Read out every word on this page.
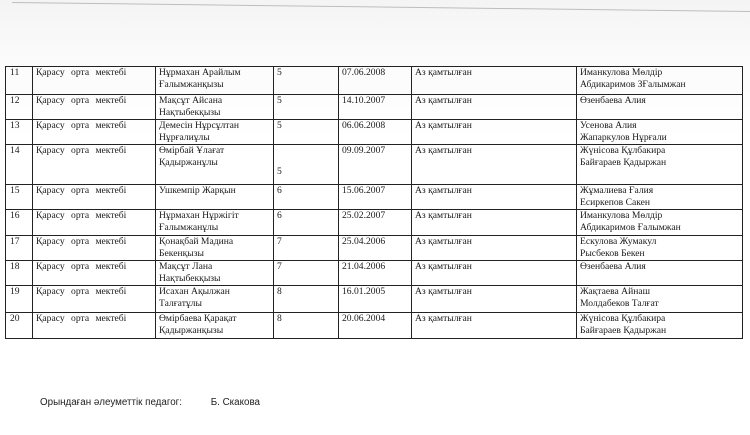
11	Қарасу орта мектебі	Нұрмахан Арайлым
Ғалымжанқызы	5	07.06.2008	Аз қамтылған	Иманкулова Мөлдір
Абдикаримов ЗҒалымжан

12	Қарасу орта мектебі	Мақсұт Айсана
Нақтыбекқызы	5	14.10.2007	Аз қамтылған	Өзенбаева Алия

13	Қарасу орта мектебі	Демесін Нұрсұлтан
Нұрғалиұлы	5	06.06.2008	Аз қамтылған	Усенова Алия
Жапаркулов Нұрғали

14	Қарасу орта мектебі	Өмірбай Ұлағат
Қадыржанұлы	5	09.09.2007	Аз қамтылған	Жүнісова Құлбакира
Байғараев Қадыржан

15	Қарасу орта мектебі	Ушкемпір Жарқын	6	15.06.2007	Аз қамтылған	Жұмалиева Ғалия
Есиркепов Сакен

16	Қарасу орта мектебі	Нұрмахан Нұржігіт
Ғалымжанұлы	6	25.02.2007	Аз қамтылған	Иманкулова Мөлдір
Абдикаримов Ғалымжан

17	Қарасу орта мектебі	Қонақбай Мадина
Бекенқызы	7	25.04.2006	Аз қамтылған	Ескулова Жумакул
Рысбеков Бекен

18	Қарасу орта мектебі	Мақсұт Лана
Нақтыбекқызы	7	21.04.2006	Аз қамтылған	Өзенбаева Алия

19	Қарасу орта мектебі	Исахан Ақылжан
Талғатұлы	8	16.01.2005	Аз қамтылған	Жақтаева Айнаш
Молдабеков Талғат

20	Қарасу орта мектебі	Өмірбаева Қарақат
Қадыржанқызы	8	20.06.2004	Аз қамтылған	Жүнісова Құлбакира
Байғараев Қадыржан
Орындаған әлеуметтік педагог:	Б. Скакова
